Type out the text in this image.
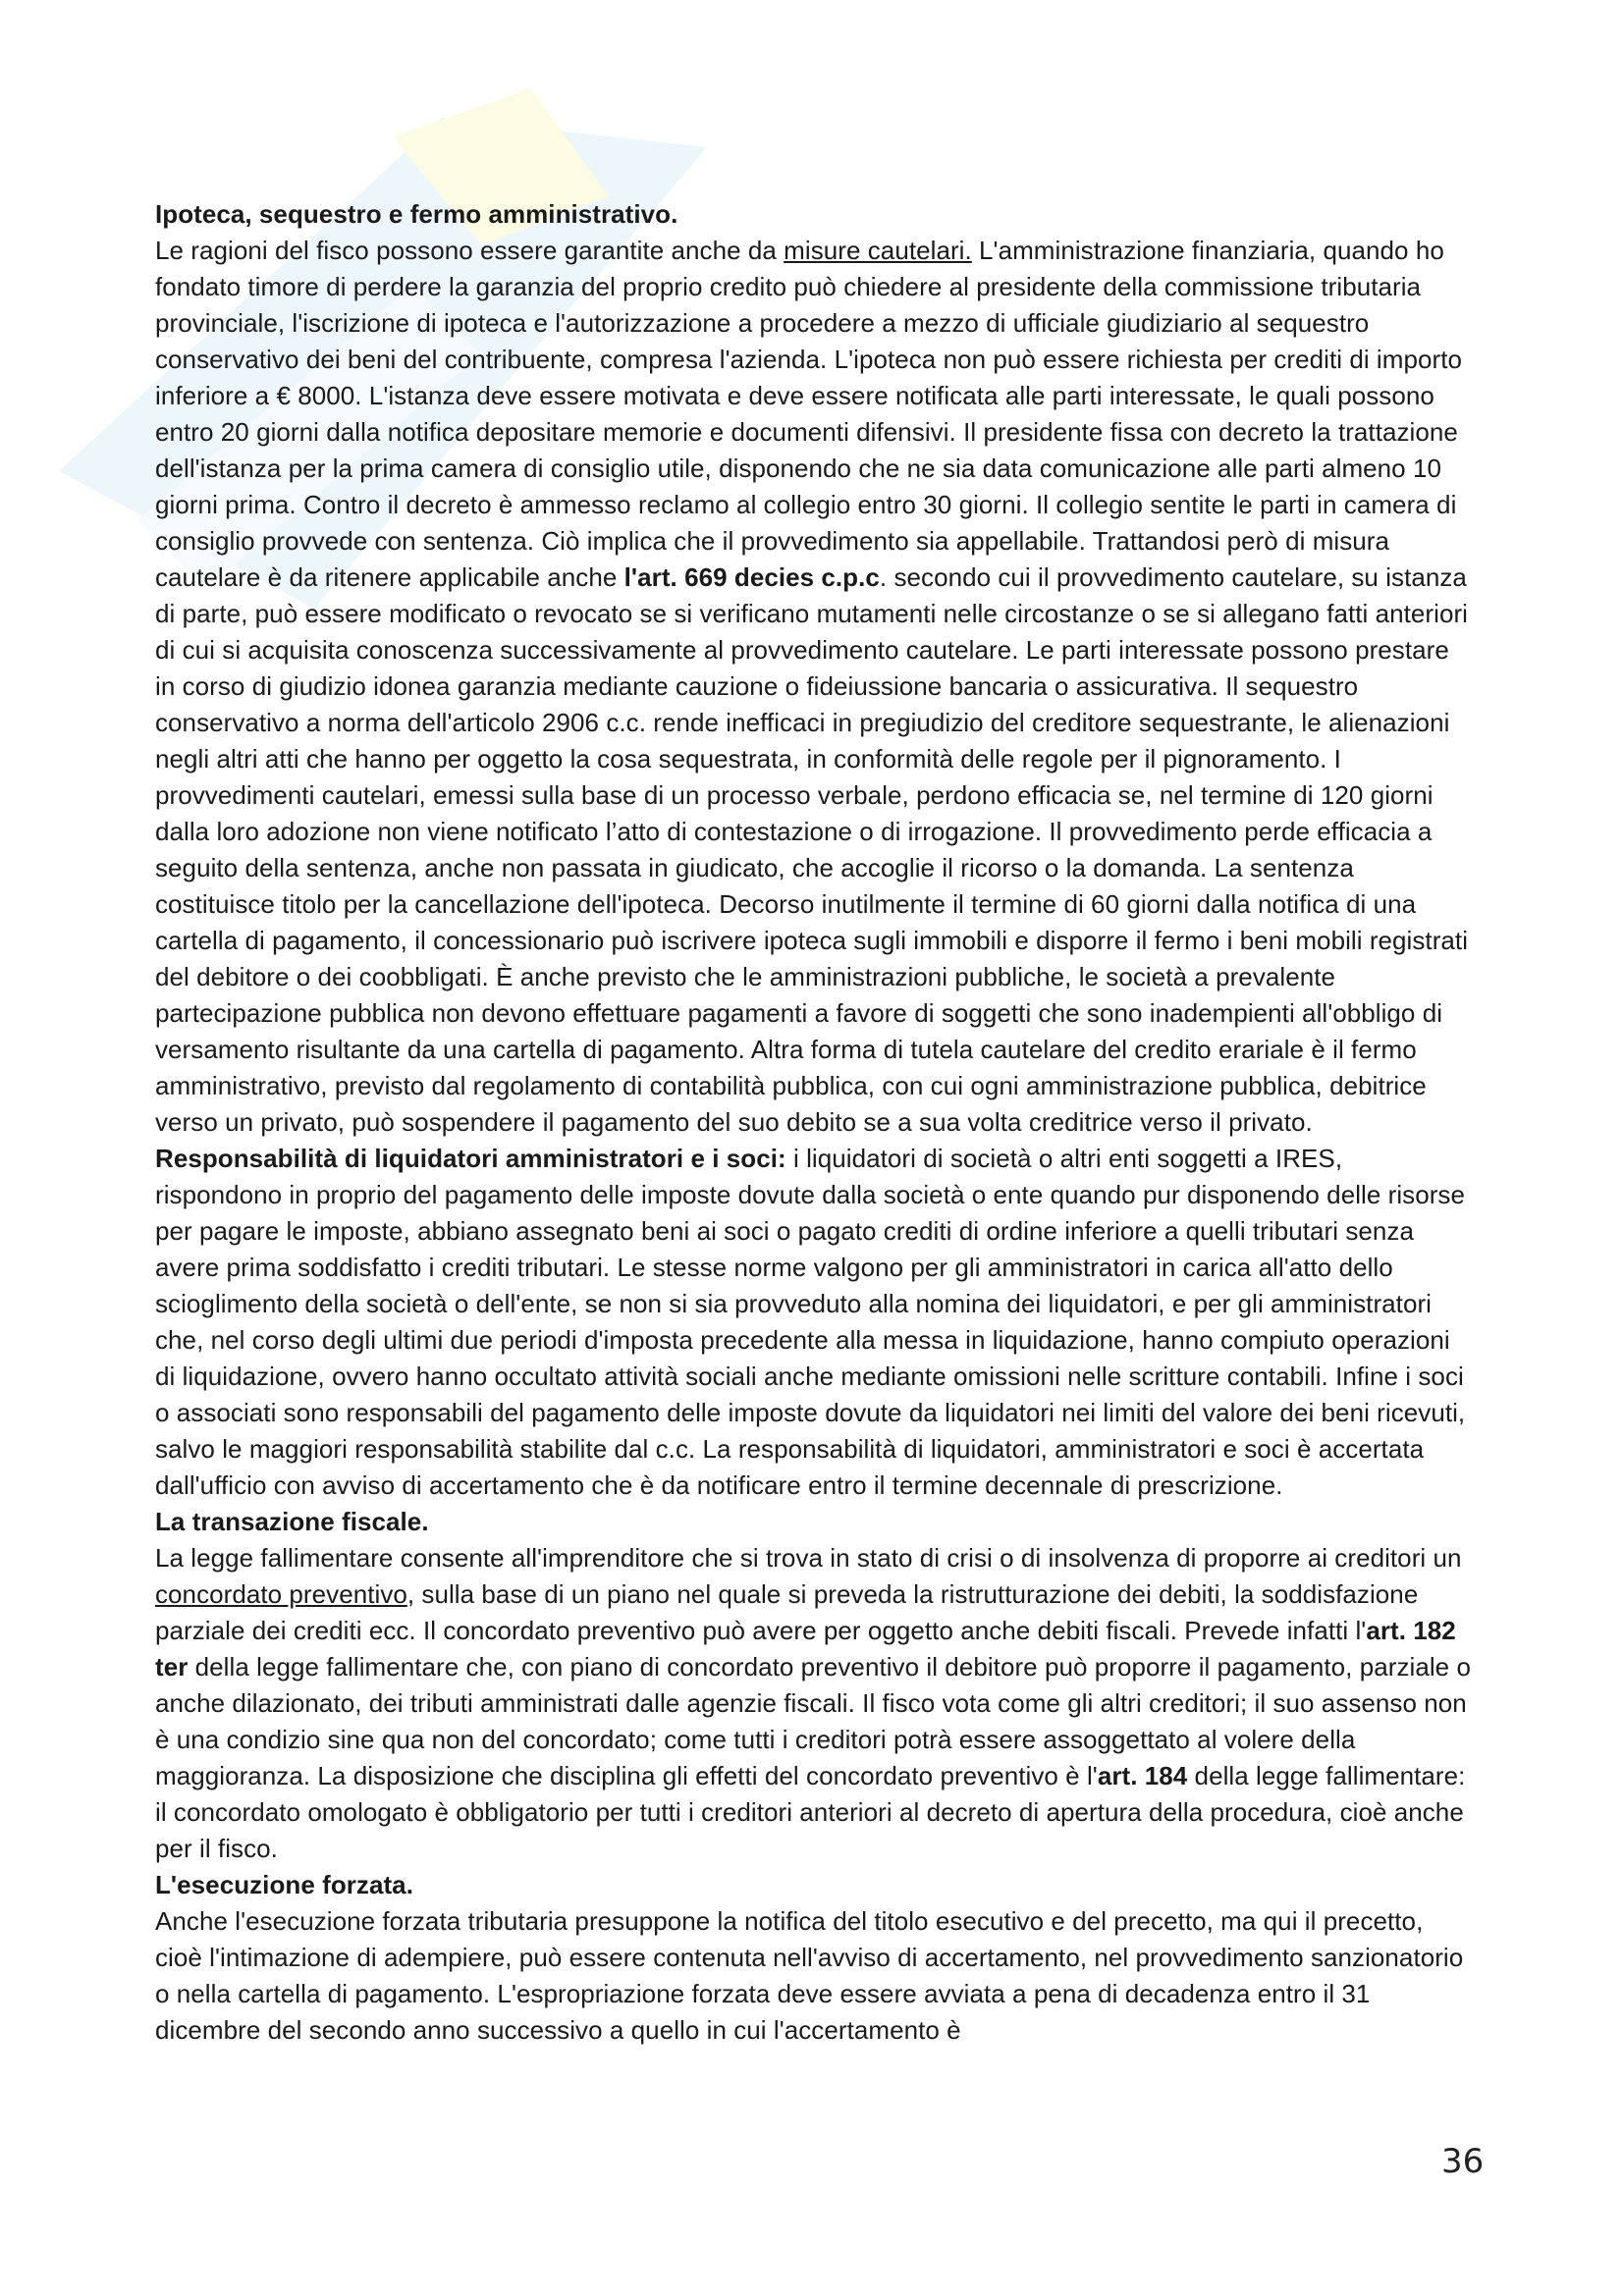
Ipoteca, sequestro e fermo amministrativo.

Le ragioni del fisco possono essere garantite anche da misure cautelari. L'amministrazione finanziaria, quando ho fondato timore di perdere la garanzia del proprio credito può chiedere al presidente della commissione tributaria provinciale, l'iscrizione di ipoteca e l'autorizzazione a procedere a mezzo di ufficiale giudiziario al sequestro conservativo dei beni del contribuente, compresa l'azienda. L'ipoteca non può essere richiesta per crediti di importo inferiore a € 8000. L'istanza deve essere motivata e deve essere notificata alle parti interessate, le quali possono entro 20 giorni dalla notifica depositare memorie e documenti difensivi. Il presidente fissa con decreto la trattazione dell'istanza per la prima camera di consiglio utile, disponendo che ne sia data comunicazione alle parti almeno 10 giorni prima. Contro il decreto è ammesso reclamo al collegio entro 30 giorni. Il collegio sentite le parti in camera di consiglio provvede con sentenza. Ciò implica che il provvedimento sia appellabile. Trattandosi però di misura cautelare è da ritenere applicabile anche l'art. 669 decies c.p.c. secondo cui il provvedimento cautelare, su istanza di parte, può essere modificato o revocato se si verificano mutamenti nelle circostanze o se si allegano fatti anteriori di cui si acquisita conoscenza successivamente al provvedimento cautelare. Le parti interessate possono prestare in corso di giudizio idonea garanzia mediante cauzione o fideiussione bancaria o assicurativa. Il sequestro conservativo a norma dell'articolo 2906 c.c. rende inefficaci in pregiudizio del creditore sequestrante, le alienazioni negli altri atti che hanno per oggetto la cosa sequestrata, in conformità delle regole per il pignoramento. I provvedimenti cautelari, emessi sulla base di un processo verbale, perdono efficacia se, nel termine di 120 giorni dalla loro adozione non viene notificato l’atto di contestazione o di irrogazione. Il provvedimento perde efficacia a seguito della sentenza, anche non passata in giudicato, che accoglie il ricorso o la domanda. La sentenza costituisce titolo per la cancellazione dell'ipoteca. Decorso inutilmente il termine di 60 giorni dalla notifica di una cartella di pagamento, il concessionario può iscrivere ipoteca sugli immobili e disporre il fermo i beni mobili registrati del debitore o dei coobbligati. È anche previsto che le amministrazioni pubbliche, le società a prevalente partecipazione pubblica non devono effettuare pagamenti a favore di soggetti che sono inadempienti all'obbligo di versamento risultante da una cartella di pagamento. Altra forma di tutela cautelare del credito erariale è il fermo amministrativo, previsto dal regolamento di contabilità pubblica, con cui ogni amministrazione pubblica, debitrice verso un privato, può sospendere il pagamento del suo debito se a sua volta creditrice verso il privato.

Responsabilità di liquidatori amministratori e i soci: i liquidatori di società o altri enti soggetti a IRES, rispondono in proprio del pagamento delle imposte dovute dalla società o ente quando pur disponendo delle risorse per pagare le imposte, abbiano assegnato beni ai soci o pagato crediti di ordine inferiore a quelli tributari senza avere prima soddisfatto i crediti tributari. Le stesse norme valgono per gli amministratori in carica all'atto dello scioglimento della società o dell'ente, se non si sia provveduto alla nomina dei liquidatori, e per gli amministratori che, nel corso degli ultimi due periodi d'imposta precedente alla messa in liquidazione, hanno compiuto operazioni di liquidazione, ovvero hanno occultato attività sociali anche mediante omissioni nelle scritture contabili. Infine i soci o associati sono responsabili del pagamento delle imposte dovute da liquidatori nei limiti del valore dei beni ricevuti, salvo le maggiori responsabilità stabilite dal c.c. La responsabilità di liquidatori, amministratori e soci è accertata dall'ufficio con avviso di accertamento che è da notificare entro il termine decennale di prescrizione.

La transazione fiscale.

La legge fallimentare consente all'imprenditore che si trova in stato di crisi o di insolvenza di proporre ai creditori un concordato preventivo, sulla base di un piano nel quale si preveda la ristrutturazione dei debiti, la soddisfazione parziale dei crediti ecc. Il concordato preventivo può avere per oggetto anche debiti fiscali. Prevede infatti l'art. 182 ter della legge fallimentare che, con piano di concordato preventivo il debitore può proporre il pagamento, parziale o anche dilazionato, dei tributi amministrati dalle agenzie fiscali. Il fisco vota come gli altri creditori; il suo assenso non è una condizio sine qua non del concordato; come tutti i creditori potrà essere assoggettato al volere della maggioranza. La disposizione che disciplina gli effetti del concordato preventivo è l'art. 184 della legge fallimentare: il concordato omologato è obbligatorio per tutti i creditori anteriori al decreto di apertura della procedura, cioè anche per il fisco.

L'esecuzione forzata.

Anche l'esecuzione forzata tributaria presuppone la notifica del titolo esecutivo e del precetto, ma qui il precetto, cioè l'intimazione di adempiere, può essere contenuta nell'avviso di accertamento, nel provvedimento sanzionatorio o nella cartella di pagamento. L'espropriazione forzata deve essere avviata a pena di decadenza entro il 31 dicembre del secondo anno successivo a quello in cui l'accertamento è

36
